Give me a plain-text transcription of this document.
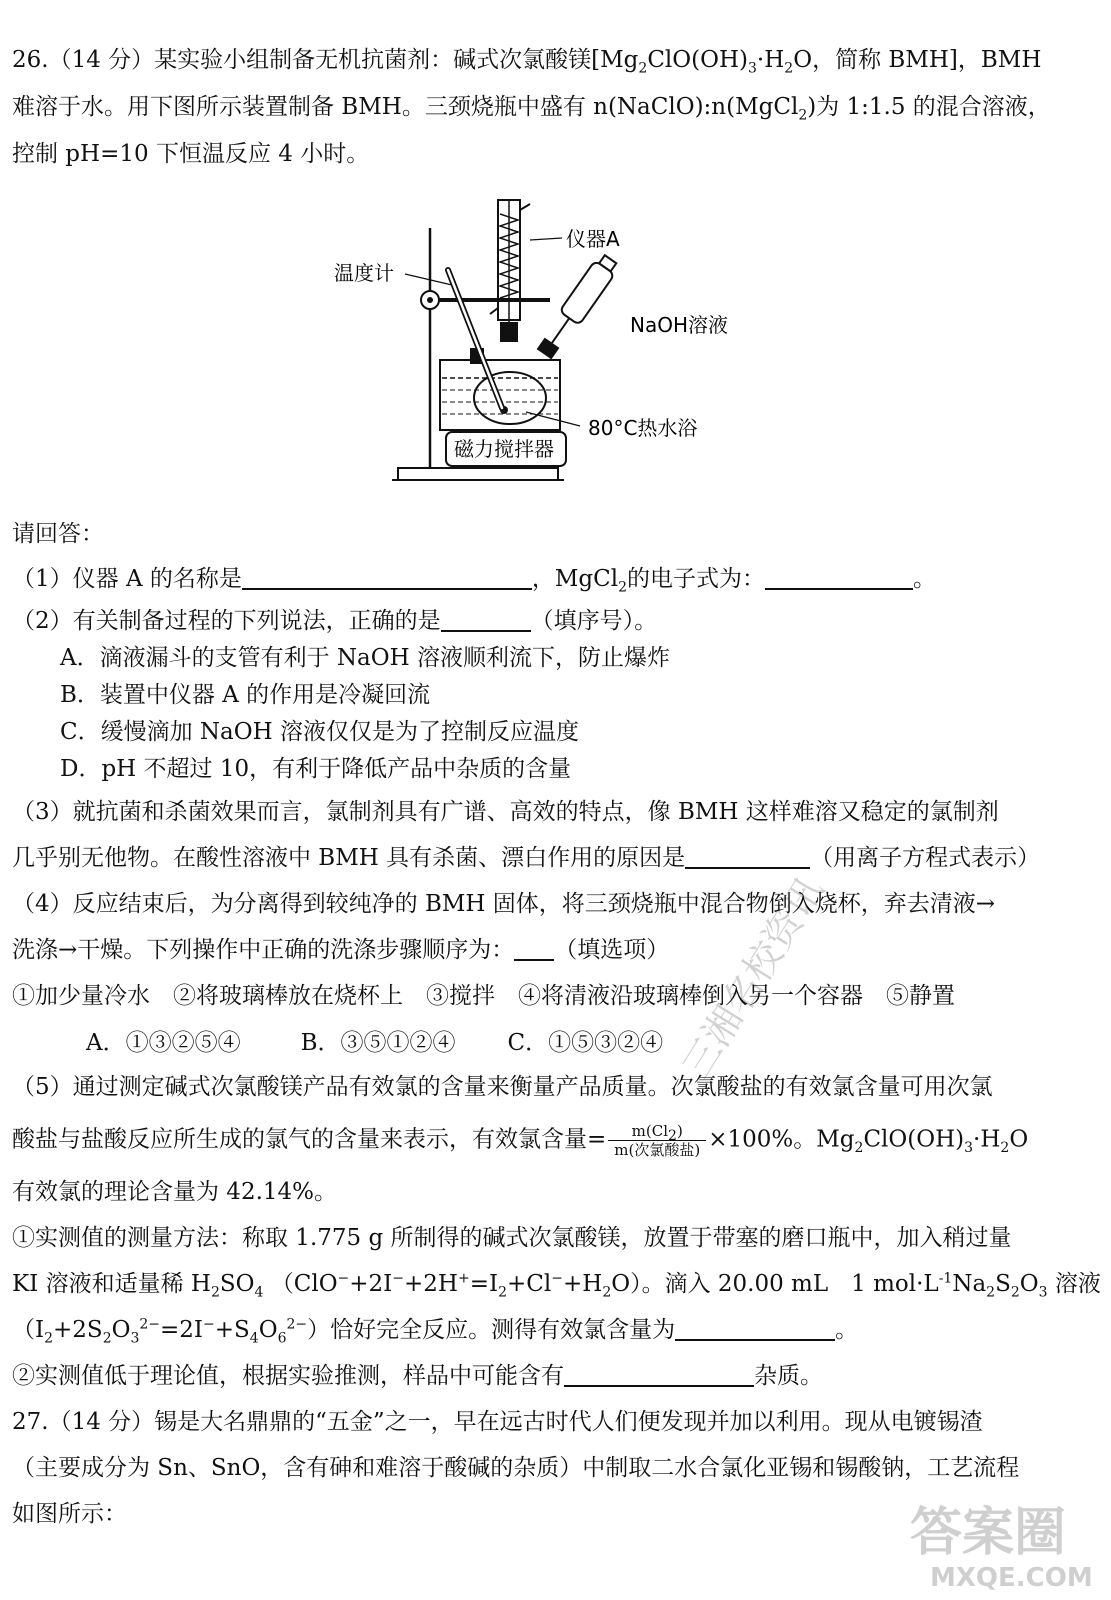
26.（14 分）某实验小组制备无机抗菌剂：碱式次氯酸镁[$Mg_2ClO(OH)_3\cdot H_2O$，简称 BMH]，BMH
难溶于水。用下图所示装置制备 BMH。三颈烧瓶中盛有 n(NaClO):n(MgCl$_2$)为 1:1.5 的混合溶液，
控制 pH=10 下恒温反应 4 小时。
仪器A
温度计
NaOH溶液
80°C热水浴
磁力搅拌器
请回答：
（1）仪器 A 的名称是	，MgCl$_2$的电子式为：	。
（2）有关制备过程的下列说法，正确的是	（填序号）。
A．滴液漏斗的支管有利于 NaOH 溶液顺利流下，防止爆炸
B．装置中仪器 A 的作用是冷凝回流
C．缓慢滴加 NaOH 溶液仅仅是为了控制反应温度
D．pH 不超过 10，有利于降低产品中杂质的含量
（3）就抗菌和杀菌效果而言，氯制剂具有广谱、高效的特点，像 BMH 这样难溶又稳定的氯制剂
几乎别无他物。在酸性溶液中 BMH 具有杀菌、漂白作用的原因是	（用离子方程式表示）
（4）反应结束后，为分离得到较纯净的 BMH 固体，将三颈烧瓶中混合物倒入烧杯，弃去清液→
洗涤→干燥。下列操作中正确的洗涤步骤顺序为： （填选项）
①加少量冷水　②将玻璃棒放在烧杯上　③搅拌　④将清液沿玻璃棒倒入另一个容器　⑤静置
A．①③②⑤④	B．③⑤①②④ C．①⑤③②④
（5）通过测定碱式次氯酸镁产品有效氯的含量来衡量产品质量。次氯酸盐的有效氯含量可用次氯
酸盐与盐酸反应所生成的氯气的含量来表示，有效氯含量= $\frac{m(Cl_2)}{\text{m(次氯酸盐)}} \times 100\%$。$Mg_2ClO(OH)_3\cdot H_2O$
有效氯的理论含量为 42.14%。
①实测值的测量方法：称取 1.775 g 所制得的碱式次氯酸镁，放置于带塞的磨口瓶中，加入稍过量
KI 溶液和适量稀 $H_2SO_4$ $(ClO^-+2I^-+2H^+=I_2+Cl^-+H_2O)$。滴入 20.00 mL　1 $mol\cdot L^{-1}Na_2S_2O_3$ 溶液
$(I_2+2S_2O_3^{2-}=2I^-+S_4O_6^{2-})$恰好完全反应。测得有效氯含量为	。
②实测值低于理论值，根据实验推测，样品中可能含有	杂质。
27.（14 分）锡是大名鼎鼎的“五金”之一，早在远古时代人们便发现并加以利用。现从电镀锡渣
（主要成分为 Sn、SnO，含有砷和难溶于酸碱的杂质）中制取二水合氯化亚锡和锡酸钠，工艺流程
如图所示：
三湘名校资讯
答案圈
MXQE.COM
